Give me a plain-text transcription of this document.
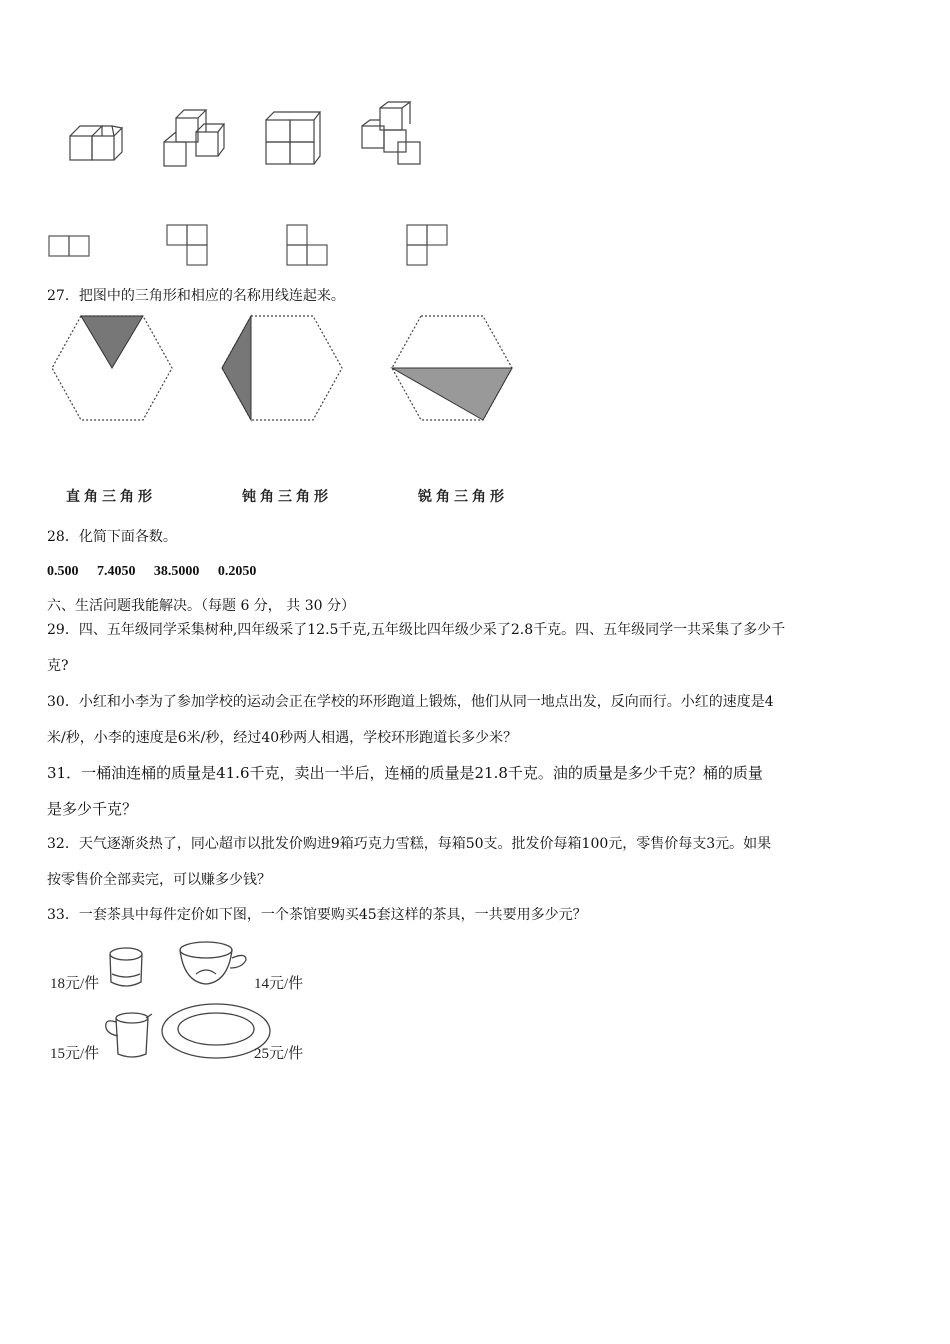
27．把图中的三角形和相应的名称用线连起来。
直角三角形	钝角三角形	锐角三角形
28．化简下面各数。
0.500 7.4050 38.5000 0.2050
六、生活问题我能解决。（每题 6 分， 共 30 分）
29．四、五年级同学采集树种,四年级采了12.5千克,五年级比四年级少采了2.8千克。四、五年级同学一共采集了多少千
克?
30．小红和小李为了参加学校的运动会正在学校的环形跑道上锻炼，他们从同一地点出发，反向而行。小红的速度是4
米/秒，小李的速度是6米/秒，经过40秒两人相遇，学校环形跑道长多少米？
31．一桶油连桶的质量是41.6千克，卖出一半后，连桶的质量是21.8千克。油的质量是多少千克？桶的质量
是多少千克？
32．天气逐渐炎热了，同心超市以批发价购进9箱巧克力雪糕，每箱50支。批发价每箱100元，零售价每支3元。如果
按零售价全部卖完，可以赚多少钱？
33．一套茶具中每件定价如下图，一个茶馆要购买45套这样的茶具，一共要用多少元？
18元/件	14元/件
15元/件	25元/件
